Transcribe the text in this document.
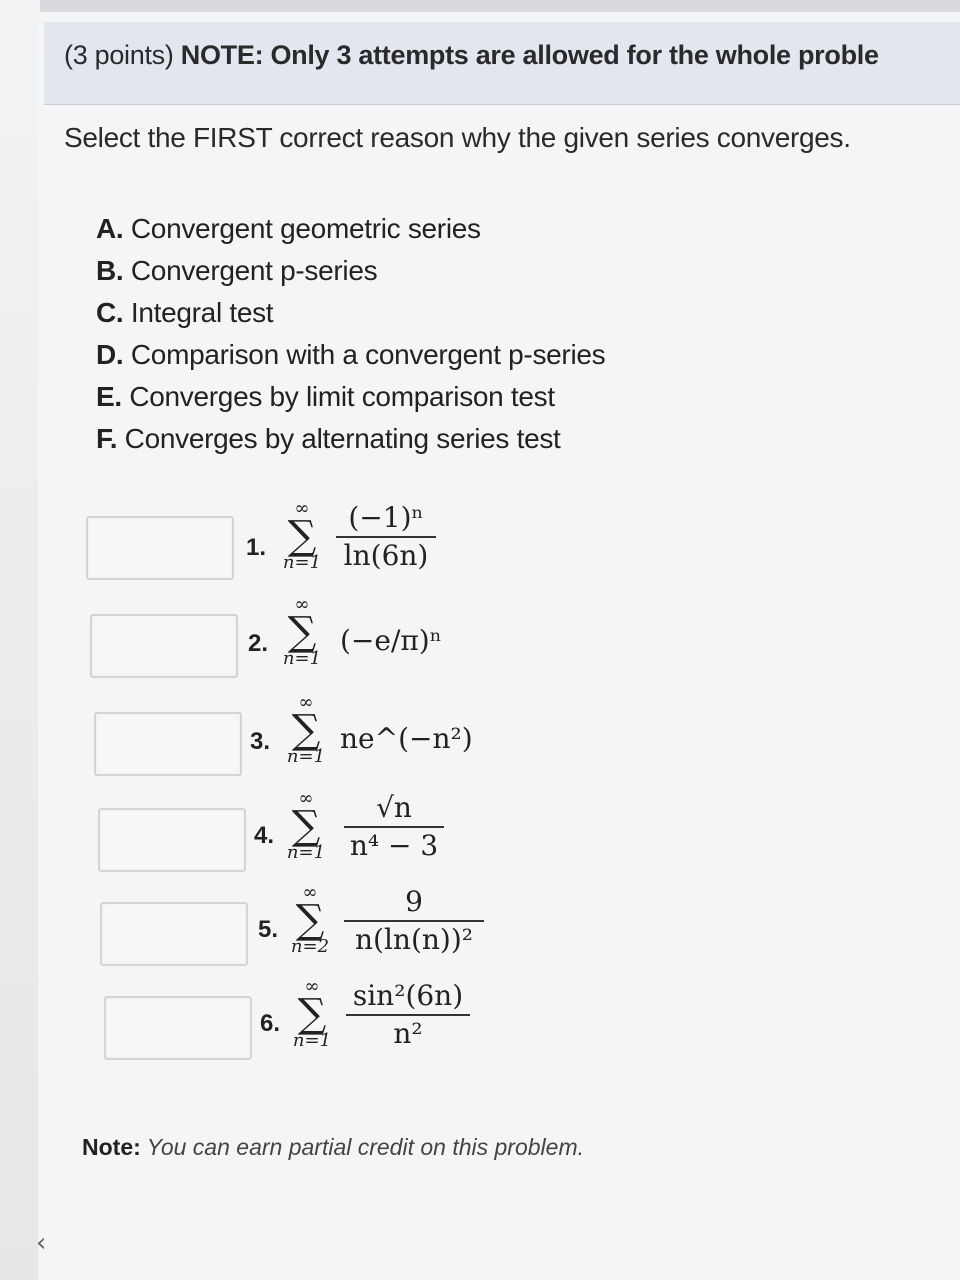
(3 points) NOTE: Only 3 attempts are allowed for the whole proble
Select the FIRST correct reason why the given series converges.
A. Convergent geometric series
B. Convergent p-series
C. Integral test
D. Comparison with a convergent p-series
E. Converges by limit comparison test
F. Converges by alternating series test
1.
∞
∑
$n=1 \frac{\text{(−1)ⁿ}}{\ln(6n)}$
2.
∞
∑
n=1
(−e/π)ⁿ
3.
∞
∑
n=1
ne^(−n²)
4.
∞
∑
$n=1 \frac{√n}{\text{n⁴ − 3}}$
5.
∞
∑
$n=2 \frac{9}{\text{n(ln(n))²}}$
6.
∞
∑
$n=1 \frac{\text{sin²(6n)}}{\text{n²}}$
Note: You can earn partial credit on this problem.
‹
